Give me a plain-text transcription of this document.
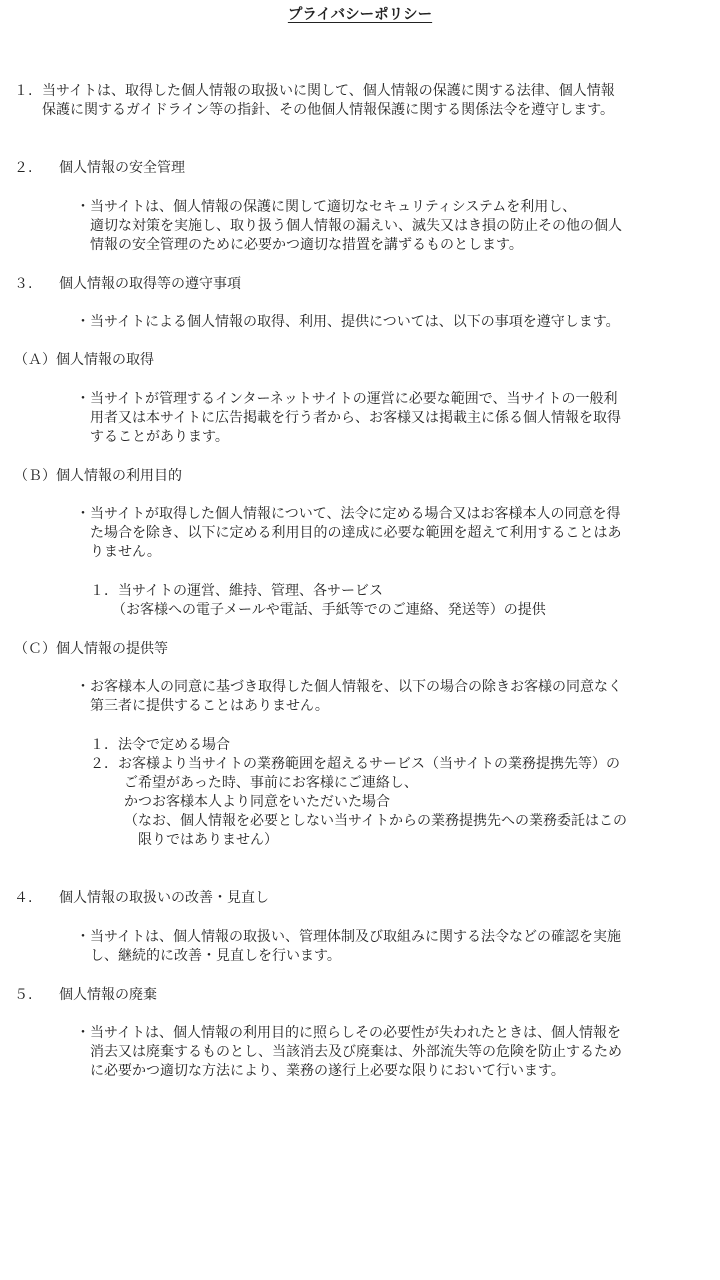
プライバシーポリシー
１. 当サイトは、取得した個人情報の取扱いに関して、個人情報の保護に関する法律、個人情報
保護に関するガイドライン等の指針、その他個人情報保護に関する関係法令を遵守します。
２. 個人情報の安全管理
・当サイトは、個人情報の保護に関して適切なセキュリティシステムを利用し、
適切な対策を実施し、取り扱う個人情報の漏えい、滅失又はき損の防止その他の個人
情報の安全管理のために必要かつ適切な措置を講ずるものとします。
３. 個人情報の取得等の遵守事項
・当サイトによる個人情報の取得、利用、提供については、以下の事項を遵守します。
（Ａ）個人情報の取得
・当サイトが管理するインターネットサイトの運営に必要な範囲で、当サイトの一般利
用者又は本サイトに広告掲載を行う者から、お客様又は掲載主に係る個人情報を取得
することがあります。
（Ｂ）個人情報の利用目的
・当サイトが取得した個人情報について、法令に定める場合又はお客様本人の同意を得
た場合を除き、以下に定める利用目的の達成に必要な範囲を超えて利用することはあ
りません。
１．当サイトの運営、維持、管理、各サービス
（お客様への電子メールや電話、手紙等でのご連絡、発送等）の提供
（Ｃ）個人情報の提供等
・お客様本人の同意に基づき取得した個人情報を、以下の場合の除きお客様の同意なく
第三者に提供することはありません。
１．法令で定める場合
２．お客様より当サイトの業務範囲を超えるサービス（当サイトの業務提携先等）の
ご希望があった時、事前にお客様にご連絡し、
かつお客様本人より同意をいただいた場合
（なお、個人情報を必要としない当サイトからの業務提携先への業務委託はこの
限りではありません）
４. 個人情報の取扱いの改善・見直し
・当サイトは、個人情報の取扱い、管理体制及び取組みに関する法令などの確認を実施
し、継続的に改善・見直しを行います。
５. 個人情報の廃棄
・当サイトは、個人情報の利用目的に照らしその必要性が失われたときは、個人情報を
消去又は廃棄するものとし、当該消去及び廃棄は、外部流失等の危険を防止するため
に必要かつ適切な方法により、業務の遂行上必要な限りにおいて行います。
